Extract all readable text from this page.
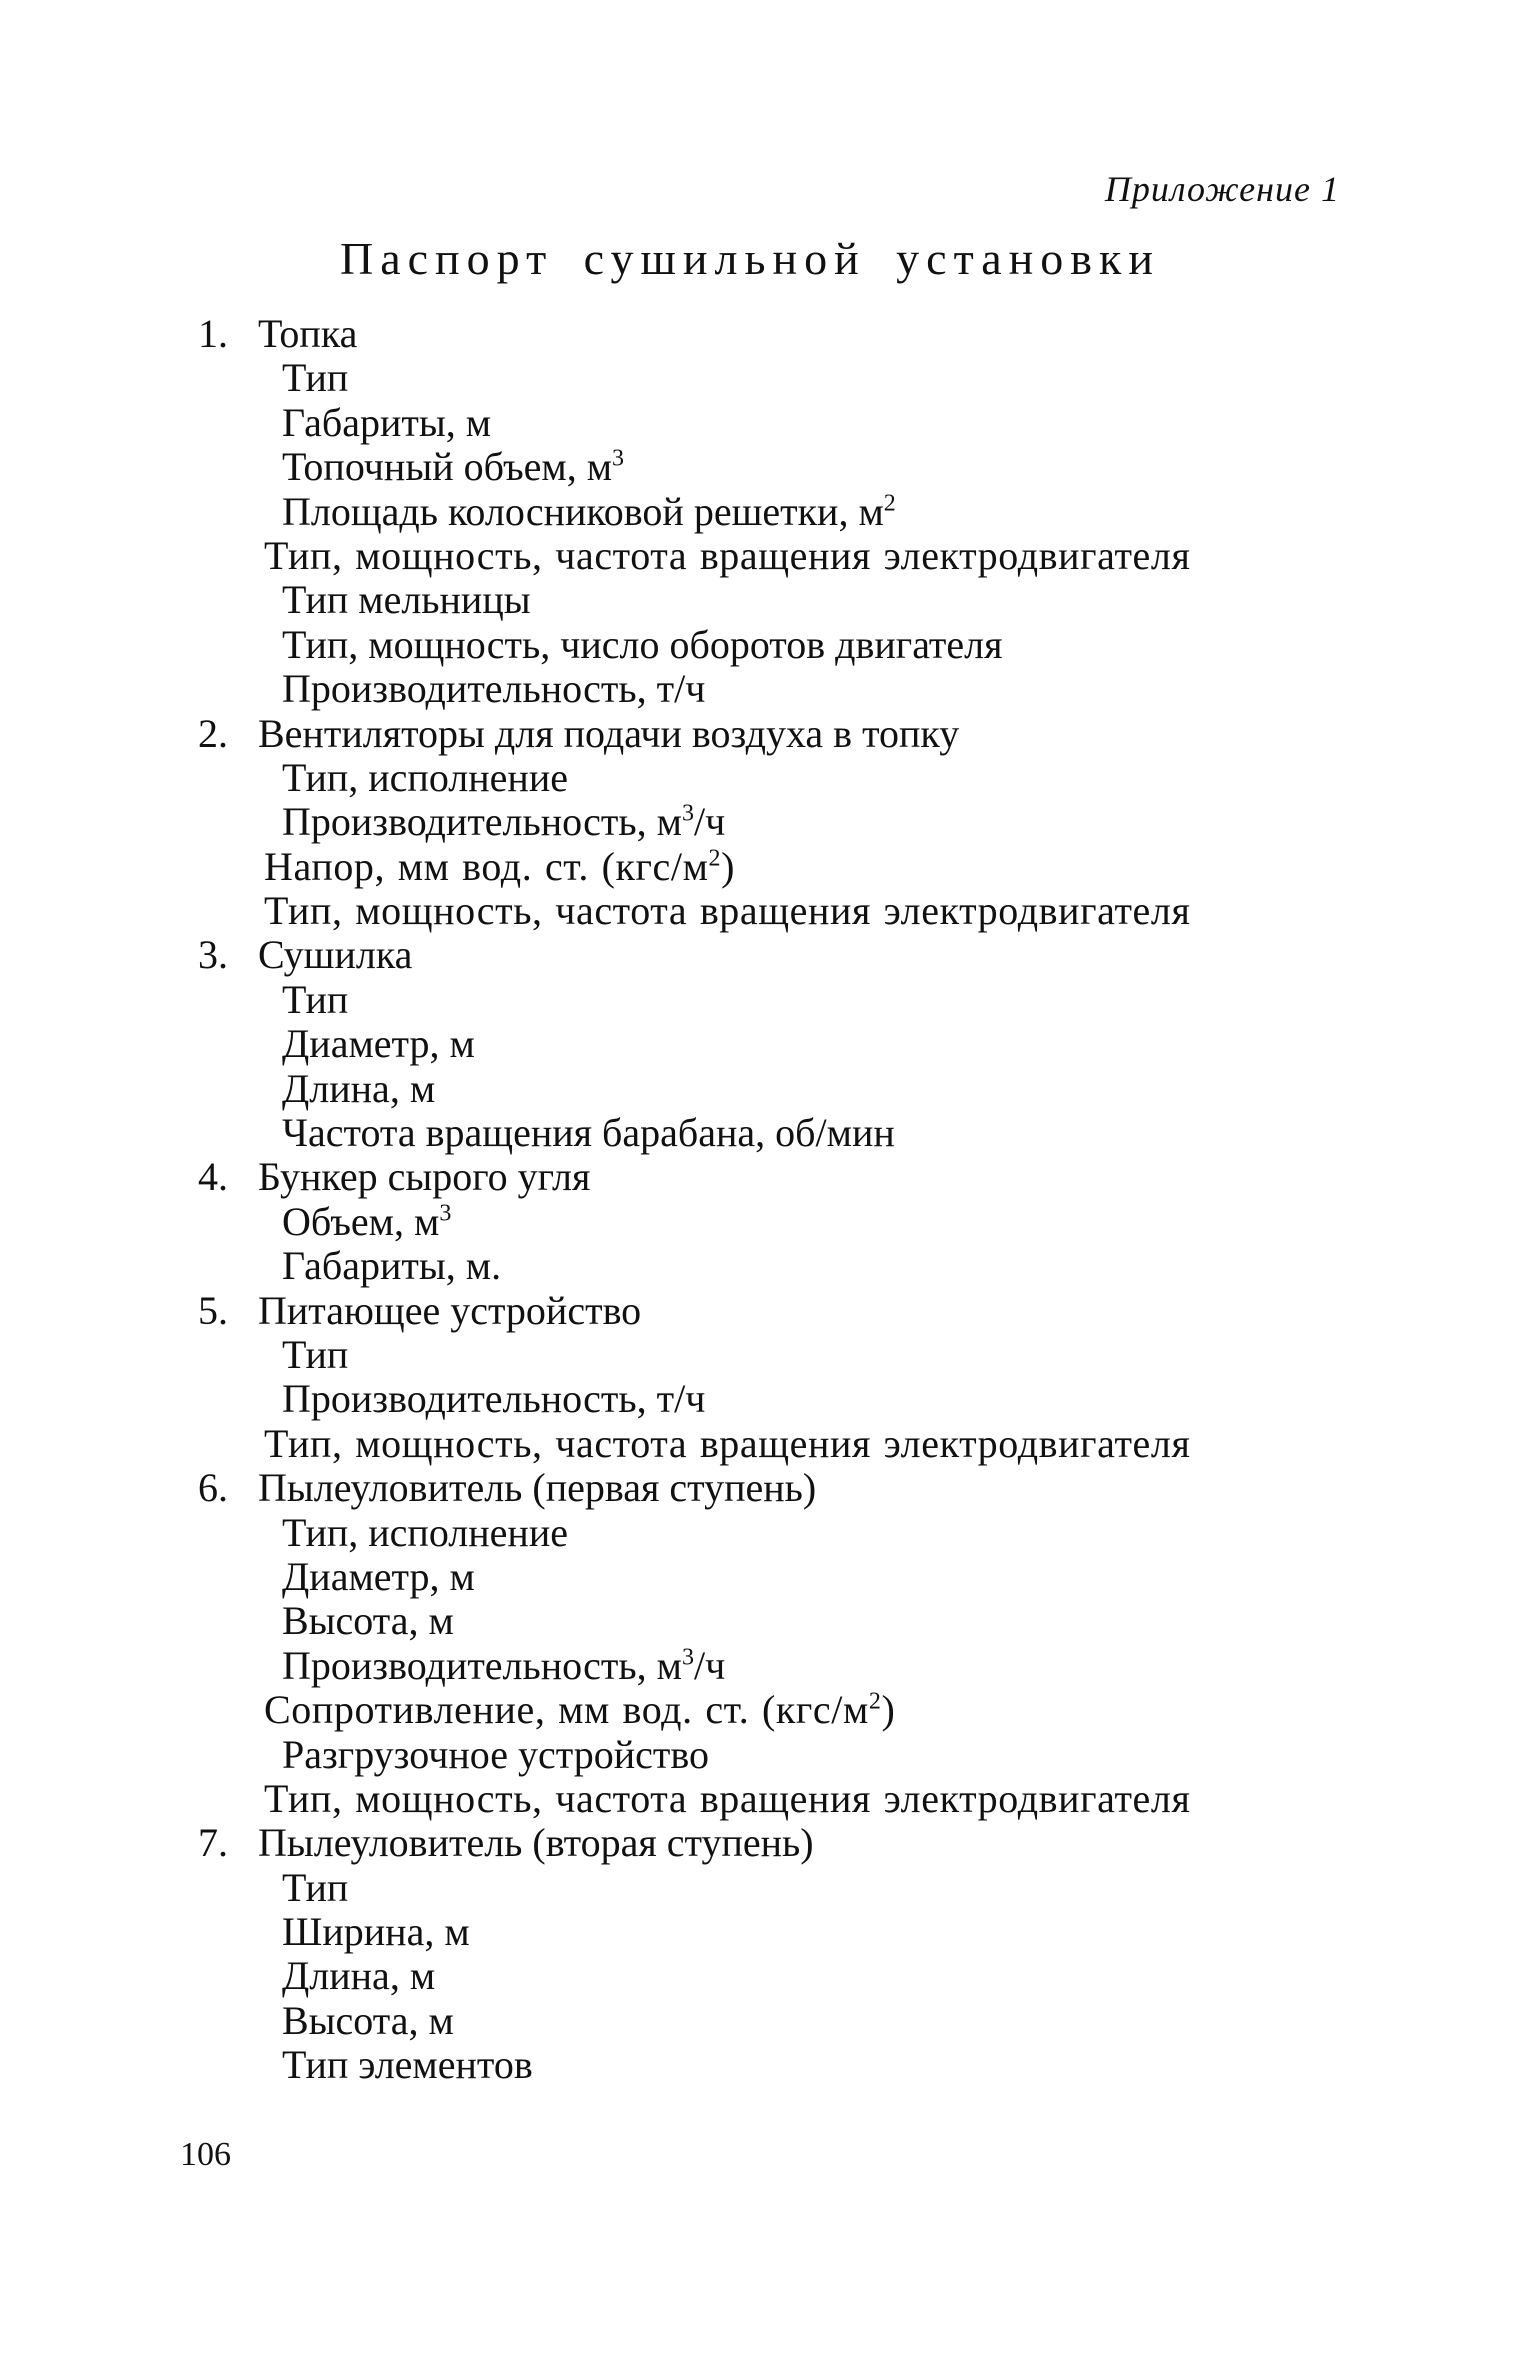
Приложение 1

Паспорт сушильной установки
1. Топка
Тип
Габариты, м
Топочный объем, $м^3$
Площадь колосниковой решетки, $м^2$
Тип, мощность, частота вращения электродвигателя
Тип мельницы
Тип, мощность, число оборотов двигателя
Производительность, т/ч
2. Вентиляторы для подачи воздуха в топку
Тип, исполнение
Производительность, $м^3/ч$
Напор, мм вод. ст. $(кгс/м^2)$
Тип, мощность, частота вращения электродвигателя
3. Сушилка
Тип
Диаметр, м
Длина, м
Частота вращения барабана, об/мин
4. Бункер сырого угля
Объем, $м^3$
Габариты, м.
5. Питающее устройство
Тип
Производительность, т/ч
Тип, мощность, частота вращения электродвигателя
6. Пылеуловитель (первая ступень)
Тип, исполнение
Диаметр, м
Высота, м
Производительность, $м^3/ч$
Сопротивление, мм вод. ст. $(кгс/м^2)$
Разгрузочное устройство
Тип, мощность, частота вращения электродвигателя
7. Пылеуловитель (вторая ступень)
Тип
Ширина, м
Длина, м
Высота, м
Тип элементов

106
